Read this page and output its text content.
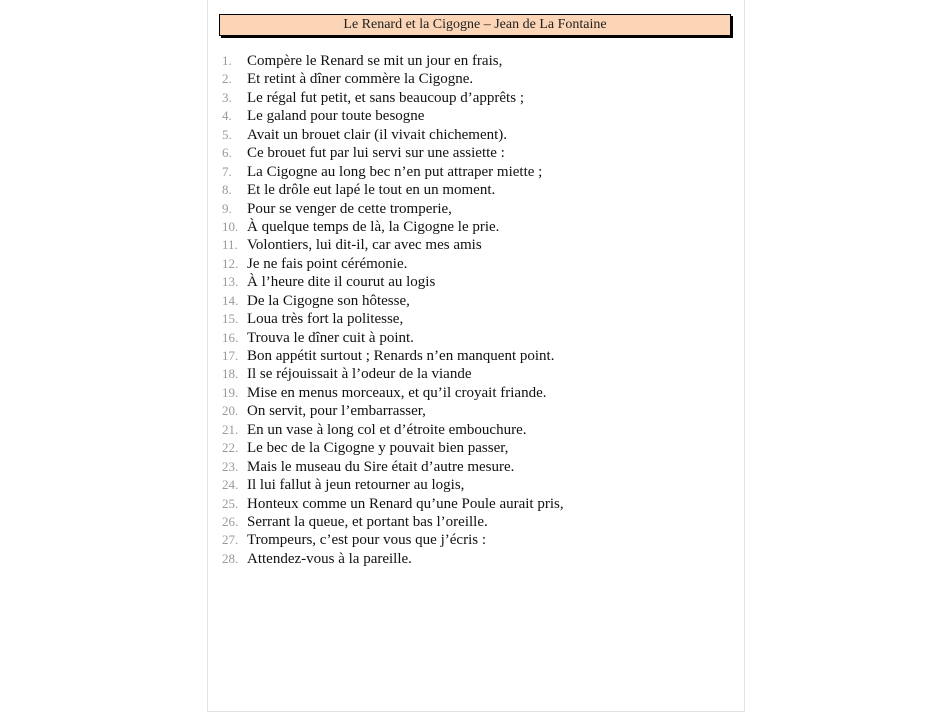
Le Renard et la Cigogne – Jean de La Fontaine
1.	Compère le Renard se mit un jour en frais,
2.	Et retint à dîner commère la Cigogne.
3.	Le régal fut petit, et sans beaucoup d’apprêts ;
4.	Le galand pour toute besogne
5.	Avait un brouet clair (il vivait chichement).
6.	Ce brouet fut par lui servi sur une assiette :
7.	La Cigogne au long bec n’en put attraper miette ;
8.	Et le drôle eut lapé le tout en un moment.
9.	Pour se venger de cette tromperie,
10. À quelque temps de là, la Cigogne le prie.
11. Volontiers, lui dit-il, car avec mes amis
12. Je ne fais point cérémonie.
13. À l’heure dite il courut au logis
14. De la Cigogne son hôtesse,
15. Loua très fort la politesse,
16. Trouva le dîner cuit à point.
17. Bon appétit surtout ; Renards n’en manquent point.
18. Il se réjouissait à l’odeur de la viande
19. Mise en menus morceaux, et qu’il croyait friande.
20. On servit, pour l’embarrasser,
21. En un vase à long col et d’étroite embouchure.
22. Le bec de la Cigogne y pouvait bien passer,
23. Mais le museau du Sire était d’autre mesure.
24. Il lui fallut à jeun retourner au logis,
25. Honteux comme un Renard qu’une Poule aurait pris,
26. Serrant la queue, et portant bas l’oreille.
27. Trompeurs, c’est pour vous que j’écris :
28. Attendez-vous à la pareille.
